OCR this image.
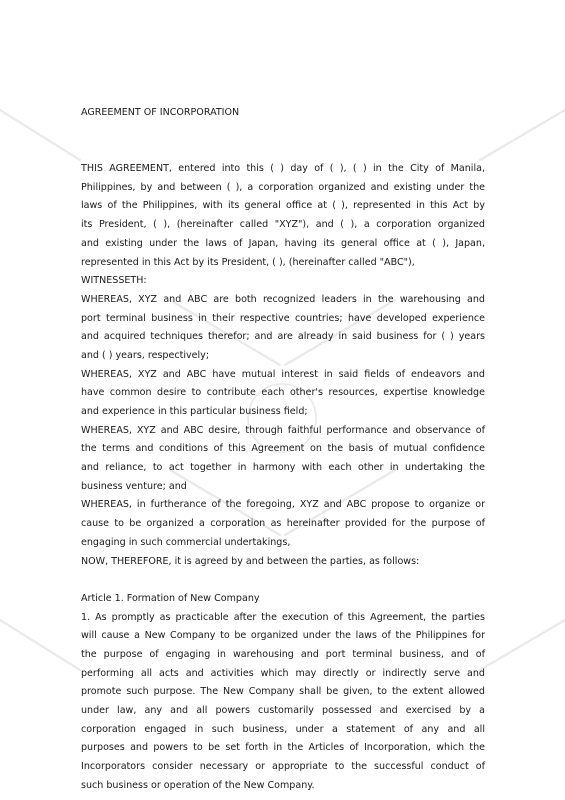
AGREEMENT OF INCORPORATION
THIS AGREEMENT, entered into this ( ) day of ( ), ( ) in the City of Manila,
Philippines, by and between ( ), a corporation organized and existing under the
laws of the Philippines, with its general office at ( ), represented in this Act by
its President, ( ), (hereinafter called "XYZ"), and ( ), a corporation organized
and existing under the laws of Japan, having its general office at ( ), Japan,
represented in this Act by its President, ( ), (hereinafter called "ABC"),
WITNESSETH:
WHEREAS, XYZ and ABC are both recognized leaders in the warehousing and
port terminal business in their respective countries; have developed experience
and acquired techniques therefor; and are already in said business for ( ) years
and ( ) years, respectively;
WHEREAS, XYZ and ABC have mutual interest in said fields of endeavors and
have common desire to contribute each other's resources, expertise knowledge
and experience in this particular business field;
WHEREAS, XYZ and ABC desire, through faithful performance and observance of
the terms and conditions of this Agreement on the basis of mutual confidence
and reliance, to act together in harmony with each other in undertaking the
business venture; and
WHEREAS, in furtherance of the foregoing, XYZ and ABC propose to organize or
cause to be organized a corporation as hereinafter provided for the purpose of
engaging in such commercial undertakings,
NOW, THEREFORE, it is agreed by and between the parties, as follows:
Article 1. Formation of New Company
1. As promptly as practicable after the execution of this Agreement, the parties
will cause a New Company to be organized under the laws of the Philippines for
the purpose of engaging in warehousing and port terminal business, and of
performing all acts and activities which may directly or indirectly serve and
promote such purpose. The New Company shall be given, to the extent allowed
under law, any and all powers customarily possessed and exercised by a
corporation engaged in such business, under a statement of any and all
purposes and powers to be set forth in the Articles of Incorporation, which the
Incorporators consider necessary or appropriate to the successful conduct of
such business or operation of the New Company.
